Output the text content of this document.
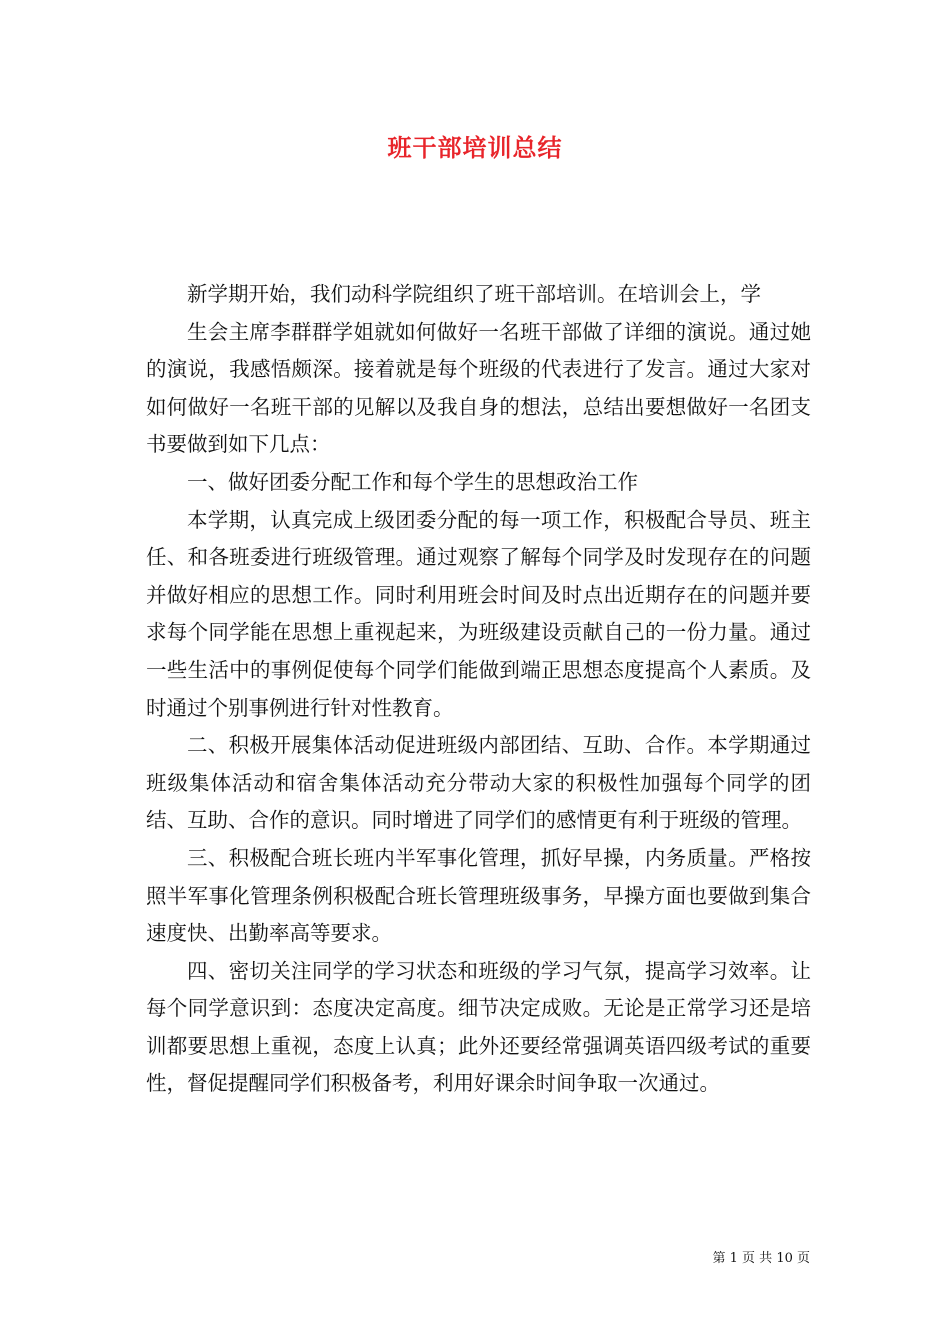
班干部培训总结

新学期开始，我们动科学院组织了班干部培训。在培训会上，学

生会主席李群群学姐就如何做好一名班干部做了详细的演说。通过她的演说，我感悟颇深。接着就是每个班级的代表进行了发言。通过大家对如何做好一名班干部的见解以及我自身的想法，总结出要想做好一名团支书要做到如下几点：

一、做好团委分配工作和每个学生的思想政治工作

本学期，认真完成上级团委分配的每一项工作，积极配合导员、班主任、和各班委进行班级管理。通过观察了解每个同学及时发现存在的问题并做好相应的思想工作。同时利用班会时间及时点出近期存在的问题并要求每个同学能在思想上重视起来，为班级建设贡献自己的一份力量。通过一些生活中的事例促使每个同学们能做到端正思想态度提高个人素质。及时通过个别事例进行针对性教育。

二、积极开展集体活动促进班级内部团结、互助、合作。本学期通过班级集体活动和宿舍集体活动充分带动大家的积极性加强每个同学的团结、互助、合作的意识。同时增进了同学们的感情更有利于班级的管理。

三、积极配合班长班内半军事化管理，抓好早操，内务质量。严格按照半军事化管理条例积极配合班长管理班级事务，早操方面也要做到集合速度快、出勤率高等要求。

四、密切关注同学的学习状态和班级的学习气氛，提高学习效率。让每个同学意识到：态度决定高度。细节决定成败。无论是正常学习还是培训都要思想上重视，态度上认真；此外还要经常强调英语四级考试的重要性，督促提醒同学们积极备考，利用好课余时间争取一次通过。

第 1 页 共 10 页
